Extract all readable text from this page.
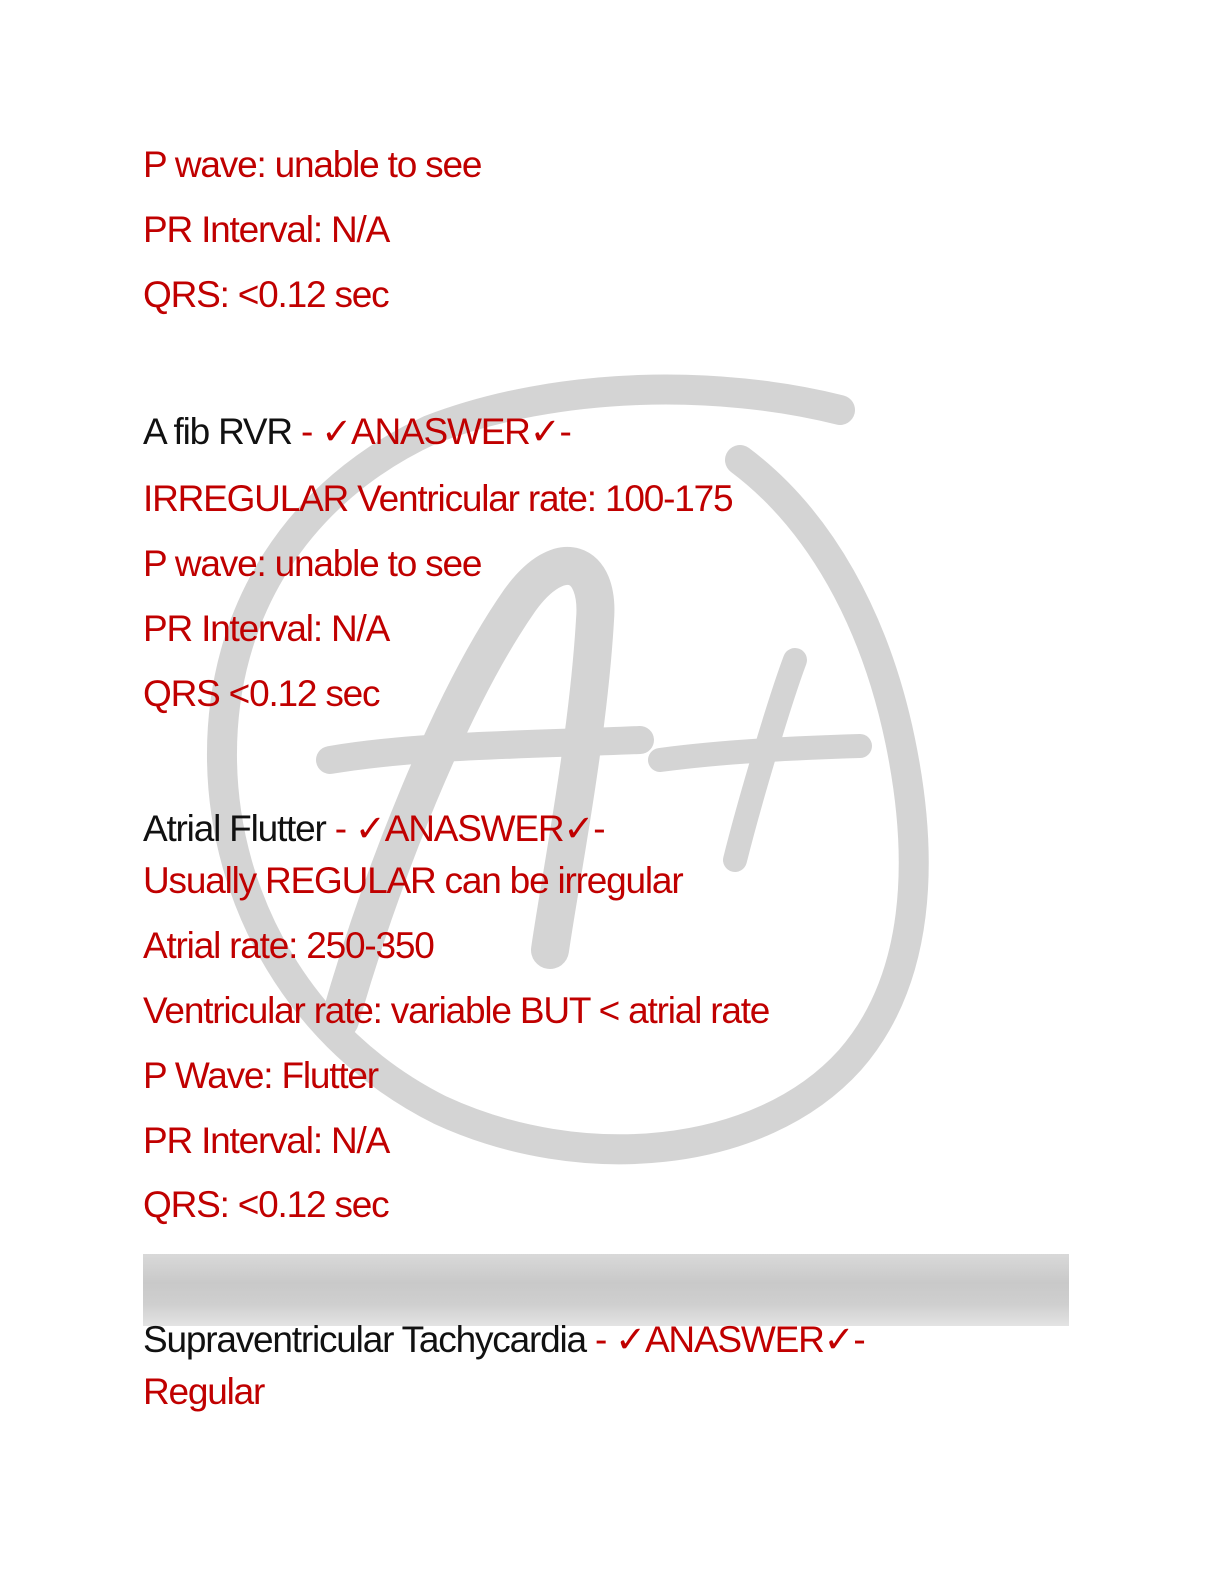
P wave: unable to see
PR Interval: N/A
QRS: <0.12 sec
A fib RVR - ✓ANASWER✓-
IRREGULAR Ventricular rate: 100-175
P wave: unable to see
PR Interval: N/A
QRS <0.12 sec
Atrial Flutter - ✓ANASWER✓-
Usually REGULAR can be irregular
Atrial rate: 250-350
Ventricular rate: variable BUT < atrial rate
P Wave: Flutter
PR Interval: N/A
QRS: <0.12 sec
Supraventricular Tachycardia - ✓ANASWER✓-
Regular
